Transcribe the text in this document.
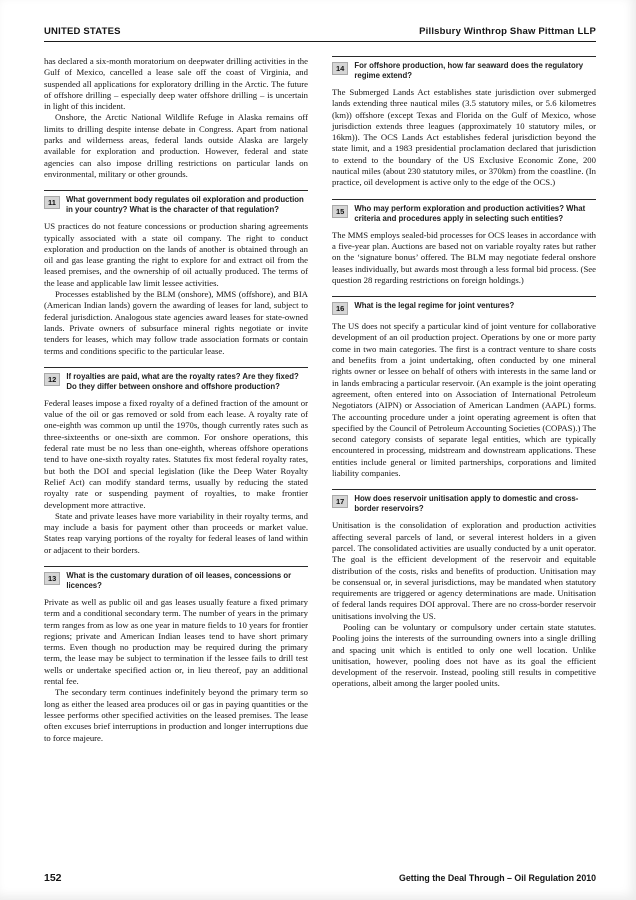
UNITED STATES	Pillsbury Winthrop Shaw Pittman LLP

has declared a six-month moratorium on deepwater drilling activities in the Gulf of Mexico, cancelled a lease sale off the coast of Virginia, and suspended all applications for exploratory drilling in the Arctic. The future of offshore drilling – especially deep water offshore drilling – is uncertain in light of this incident.

Onshore, the Arctic National Wildlife Refuge in Alaska remains off limits to drilling despite intense debate in Congress. Apart from national parks and wilderness areas, federal lands outside Alaska are largely available for exploration and production. However, federal and state agencies can also impose drilling restrictions on particular lands on environmental, military or other grounds.

11	What government body regulates oil exploration and production in your country? What is the character of that regulation?

US practices do not feature concessions or production sharing agreements typically associated with a state oil company. The right to conduct exploration and production on the lands of another is obtained through an oil and gas lease granting the right to explore for and extract oil from the leased premises, and the ownership of oil actually produced. The terms of the lease and applicable law limit lessee activities.

Processes established by the BLM (onshore), MMS (offshore), and BIA (American Indian lands) govern the awarding of leases for land, subject to federal jurisdiction. Analogous state agencies award leases for state-owned lands. Private owners of subsurface mineral rights negotiate or invite tenders for leases, which may follow trade association formats or contain terms and conditions specific to the particular lease.

12	If royalties are paid, what are the royalty rates? Are they fixed? Do they differ between onshore and offshore production?

Federal leases impose a fixed royalty of a defined fraction of the amount or value of the oil or gas removed or sold from each lease. A royalty rate of one-eighth was common up until the 1970s, though currently rates such as three-sixteenths or one-sixth are common. For onshore operations, this federal rate must be no less than one-eighth, whereas offshore operations tend to have one-sixth royalty rates. Statutes fix most federal royalty rates, but both the DOI and special legislation (like the Deep Water Royalty Relief Act) can modify standard terms, usually by reducing the stated royalty rate or suspending payment of royalties, to make frontier development more attractive.

State and private leases have more variability in their royalty terms, and may include a basis for payment other than proceeds or market value. States reap varying portions of the royalty for federal leases of land within or adjacent to their borders.

13	What is the customary duration of oil leases, concessions or licences?

Private as well as public oil and gas leases usually feature a fixed primary term and a conditional secondary term. The number of years in the primary term ranges from as low as one year in mature fields to 10 years for frontier regions; private and American Indian leases tend to have short primary terms. Even though no production may be required during the primary term, the lease may be subject to termination if the lessee fails to drill test wells or undertake specified action or, in lieu thereof, pay an additional rental fee.

The secondary term continues indefinitely beyond the primary term so long as either the leased area produces oil or gas in paying quantities or the lessee performs other specified activities on the leased premises. The lease often excuses brief interruptions in production and longer interruptions due to force majeure.

14	For offshore production, how far seaward does the regulatory regime extend?

The Submerged Lands Act establishes state jurisdiction over submerged lands extending three nautical miles (3.5 statutory miles, or 5.6 kilometres (km)) offshore (except Texas and Florida on the Gulf of Mexico, whose jurisdiction extends three leagues (approximately 10 statutory miles, or 16km)). The OCS Lands Act establishes federal jurisdiction beyond the state limit, and a 1983 presidential proclamation declared that jurisdiction to extend to the boundary of the US Exclusive Economic Zone, 200 nautical miles (about 230 statutory miles, or 370km) from the coastline. (In practice, oil development is active only to the edge of the OCS.)

15	Who may perform exploration and production activities? What criteria and procedures apply in selecting such entities?

The MMS employs sealed-bid processes for OCS leases in accordance with a five-year plan. Auctions are based not on variable royalty rates but rather on the ‘signature bonus’ offered. The BLM may negotiate federal onshore leases individually, but awards most through a less formal bid process. (See question 28 regarding restrictions on foreign holdings.)

16	What is the legal regime for joint ventures?

The US does not specify a particular kind of joint venture for collaborative development of an oil production project. Operations by one or more party come in two main categories. The first is a contract venture to share costs and benefits from a joint undertaking, often conducted by one mineral rights owner or lessee on behalf of others with interests in the same land or in lands embracing a particular reservoir. (An example is the joint operating agreement, often entered into on Association of International Petroleum Negotiators (AIPN) or Association of American Landmen (AAPL) forms. The accounting procedure under a joint operating agreement is often that specified by the Council of Petroleum Accounting Societies (COPAS).) The second category consists of separate legal entities, which are typically encountered in processing, midstream and downstream applications. These entities include general or limited partnerships, corporations and limited liability companies.

17	How does reservoir unitisation apply to domestic and cross-border reservoirs?

Unitisation is the consolidation of exploration and production activities affecting several parcels of land, or several interest holders in a given parcel. The consolidated activities are usually conducted by a unit operator. The goal is the efficient development of the reservoir and equitable distribution of the costs, risks and benefits of production. Unitisation may be consensual or, in several jurisdictions, may be mandated when statutory requirements are triggered or agency determinations are made. Unitisation of federal lands requires DOI approval. There are no cross-border reservoir unitisations involving the US.

Pooling can be voluntary or compulsory under certain state statutes. Pooling joins the interests of the surrounding owners into a single drilling and spacing unit which is entitled to only one well location. Unlike unitisation, however, pooling does not have as its goal the efficient development of the reservoir. Instead, pooling still results in competitive operations, albeit among the larger pooled units.

152	Getting the Deal Through – Oil Regulation 2010
